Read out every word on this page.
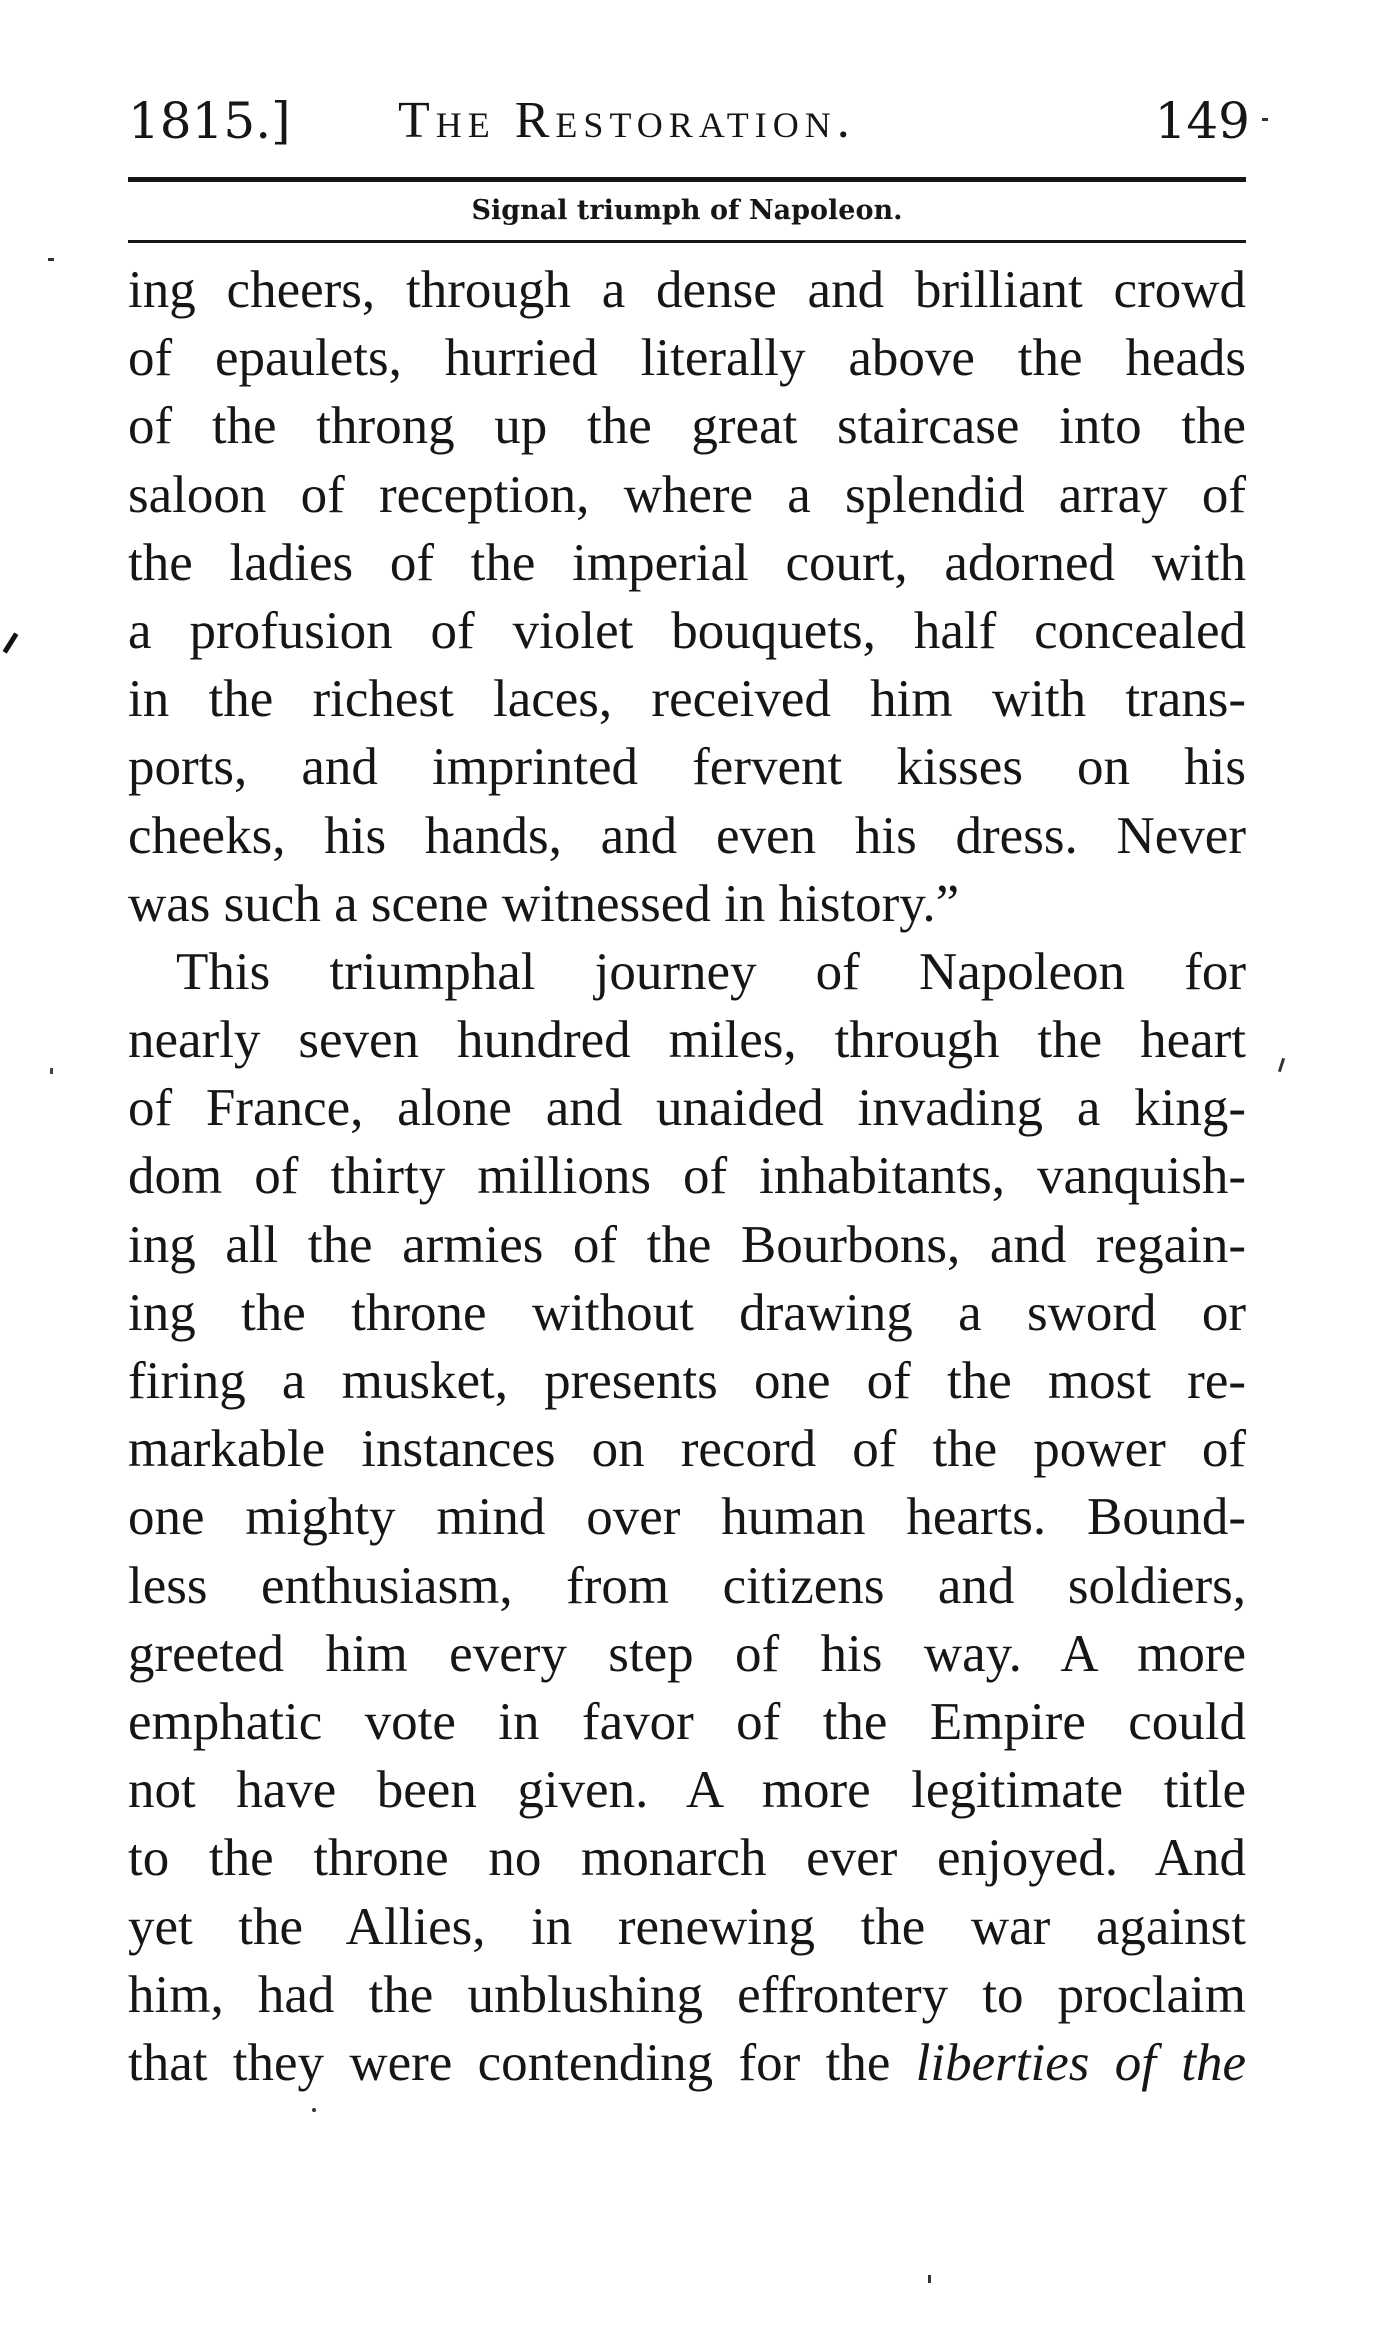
1815.] The Restoration.	149
Signal triumph of Napoleon.
ing cheers, through a dense and brilliant crowd
of epaulets, hurried literally above the heads
of the throng up the great staircase into the
saloon of reception, where a splendid array of
the ladies of the imperial court, adorned with
a profusion of violet bouquets, half concealed
in the richest laces, received him with trans-
ports, and imprinted fervent kisses on his
cheeks, his hands, and even his dress. Never
was such a scene witnessed in history.”
This triumphal journey of Napoleon for
nearly seven hundred miles, through the heart
of France, alone and unaided invading a king-
dom of thirty millions of inhabitants, vanquish-
ing all the armies of the Bourbons, and regain-
ing the throne without drawing a sword or
firing a musket, presents one of the most re-
markable instances on record of the power of
one mighty mind over human hearts. Bound-
less enthusiasm, from citizens and soldiers,
greeted him every step of his way. A more
emphatic vote in favor of the Empire could
not have been given. A more legitimate title
to the throne no monarch ever enjoyed. And
yet the Allies, in renewing the war against
him, had the unblushing effrontery to proclaim
that they were contending for the liberties of the
